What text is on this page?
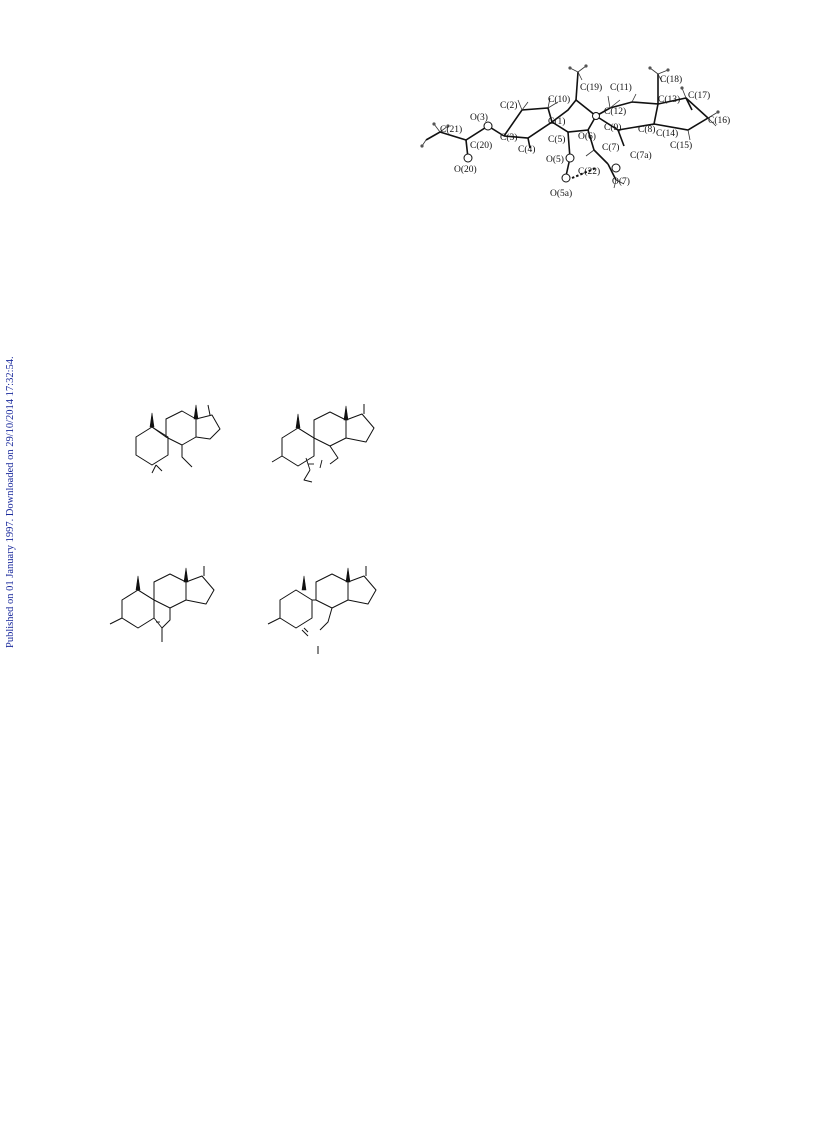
Published on 01 January 1997. Downloaded on 29/10/2014 17:32:54.
C(18)
C(19) C(11)
C(10)	C(13) C(17)
C(2)
O(3)
C(12)
C(1)	C(16)
C(9)
C(21)	C(8)
C(3)	O(6)	C(14)
C(5)
C(20)	C(4)	C(7)	C(15)
C(7a)
O(5)
O(20)	C(22)
O(7)
O(5a)
